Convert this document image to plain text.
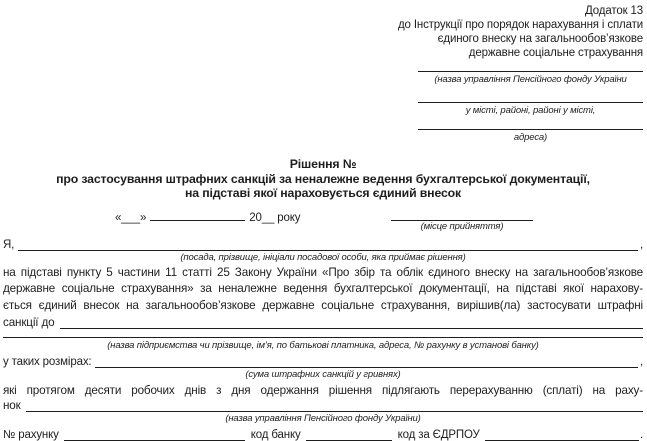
Додаток 13
до Інструкції про порядок нарахування і сплати
єдиного внеску на загальнообов’язкове
державне соціальне страхування
(назва управління Пенсійного фонду України
у місті, районі, районі у місті,
адреса)
Рішення №
про застосування штрафних санкцій за неналежне ведення бухгалтерської документації,
на підставі якої нараховується єдиний внесок
«___»	20__ року
(місце прийняття)
Я,	,
(посада, прізвище, ініціали посадової особи, яка приймає рішення)
на підставі пункту 5 частини 11 статті 25 Закону України «Про збір та облік єдиного внеску на загальнообов’язкове
державне соціальне страхування» за неналежне ведення бухгалтерської документації, на підставі якої нарахову-
ється єдиний внесок на загальнообов’язкове державне соціальне страхування, вирішив(ла) застосувати штрафні
санкції до
(назва підприємства чи прізвище, ім’я, по батькові платника, адреса, № рахунку в установі банку)
у таких розмірах:	,
(сума штрафних санкцій у гривнях)
які протягом десяти робочих днів з дня одержання рішення підлягають перерахуванню (сплаті) на раху-
нок
(назва управління Пенсійного фонду України)
№ рахунку	код банку	код за ЄДРПОУ	.
